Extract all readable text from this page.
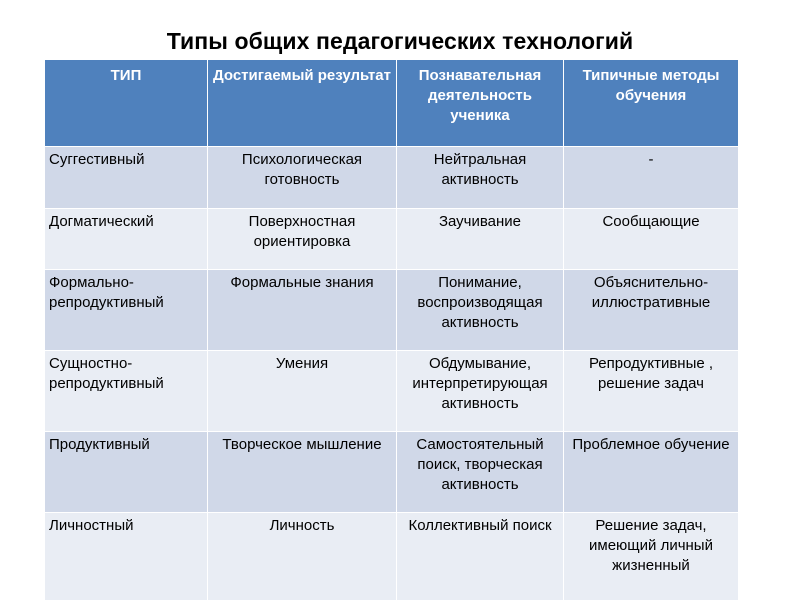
Типы общих педагогических технологий
ТИП	Достигаемый результат	Познавательная деятельность ученика	Типичные методы обучения
Суггестивный	Психологическая готовность	Нейтральная активность	-
Догматический	Поверхностная ориентировка	Заучивание	Сообщающие
Формально-репродуктивный	Формальные знания	Понимание, воспроизводящая активность	Объяснительно-иллюстративные
Сущностно-репродуктивный	Умения	Обдумывание, интерпретирующая активность	Репродуктивные , решение задач
Продуктивный	Творческое мышление	Самостоятельный поиск, творческая активность	Проблемное обучение
Личностный	Личность	Коллективный поиск	Решение задач, имеющий личный жизненный
